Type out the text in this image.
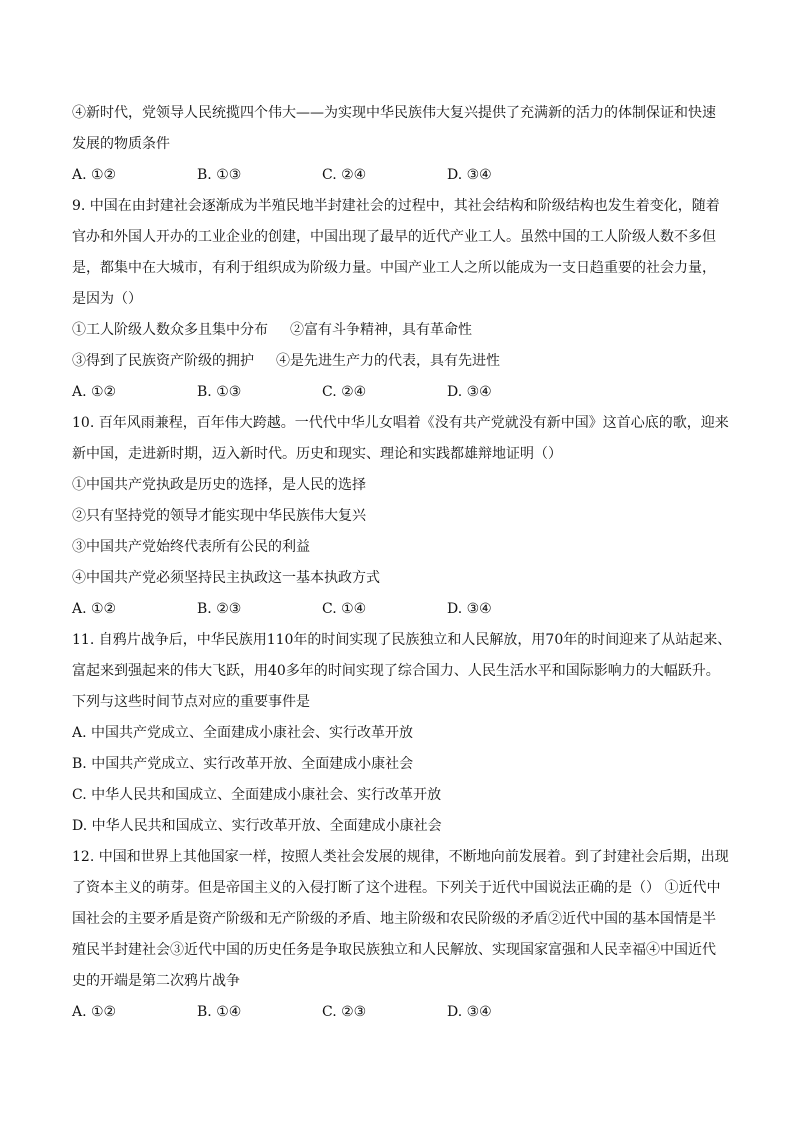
④新时代，党领导人民统揽四个伟大——为实现中华民族伟大复兴提供了充满新的活力的体制保证和快速
发展的物质条件
A. ①②	B. ①③	C. ②④	D. ③④
9. 中国在由封建社会逐渐成为半殖民地半封建社会的过程中，其社会结构和阶级结构也发生着变化，随着
官办和外国人开办的工业企业的创建，中国出现了最早的近代产业工人。虽然中国的工人阶级人数不多但
是，都集中在大城市，有利于组织成为阶级力量。中国产业工人之所以能成为一支日趋重要的社会力量，
是因为（）
①工人阶级人数众多且集中分布 ②富有斗争精神，具有革命性
③得到了民族资产阶级的拥护 ④是先进生产力的代表，具有先进性
A. ①②	B. ①③	C. ②④	D. ③④
10. 百年风雨兼程，百年伟大跨越。一代代中华儿女唱着《没有共产党就没有新中国》这首心底的歌，迎来
新中国，走进新时期，迈入新时代。历史和现实、理论和实践都雄辩地证明（）
①中国共产党执政是历史的选择，是人民的选择
②只有坚持党的领导才能实现中华民族伟大复兴
③中国共产党始终代表所有公民的利益
④中国共产党必须坚持民主执政这一基本执政方式
A. ①②	B. ②③	C. ①④	D. ③④
11. 自鸦片战争后，中华民族用110年的时间实现了民族独立和人民解放，用70年的时间迎来了从站起来、
富起来到强起来的伟大飞跃，用40多年的时间实现了综合国力、人民生活水平和国际影响力的大幅跃升。
下列与这些时间节点对应的重要事件是
A. 中国共产党成立、全面建成小康社会、实行改革开放
B. 中国共产党成立、实行改革开放、全面建成小康社会
C. 中华人民共和国成立、全面建成小康社会、实行改革开放
D. 中华人民共和国成立、实行改革开放、全面建成小康社会
12. 中国和世界上其他国家一样，按照人类社会发展的规律，不断地向前发展着。到了封建社会后期，出现
了资本主义的萌芽。但是帝国主义的入侵打断了这个进程。下列关于近代中国说法正确的是（） ①近代中
国社会的主要矛盾是资产阶级和无产阶级的矛盾、地主阶级和农民阶级的矛盾②近代中国的基本国情是半
殖民半封建社会③近代中国的历史任务是争取民族独立和人民解放、实现国家富强和人民幸福④中国近代
史的开端是第二次鸦片战争
A. ①②	B. ①④	C. ②③	D. ③④
